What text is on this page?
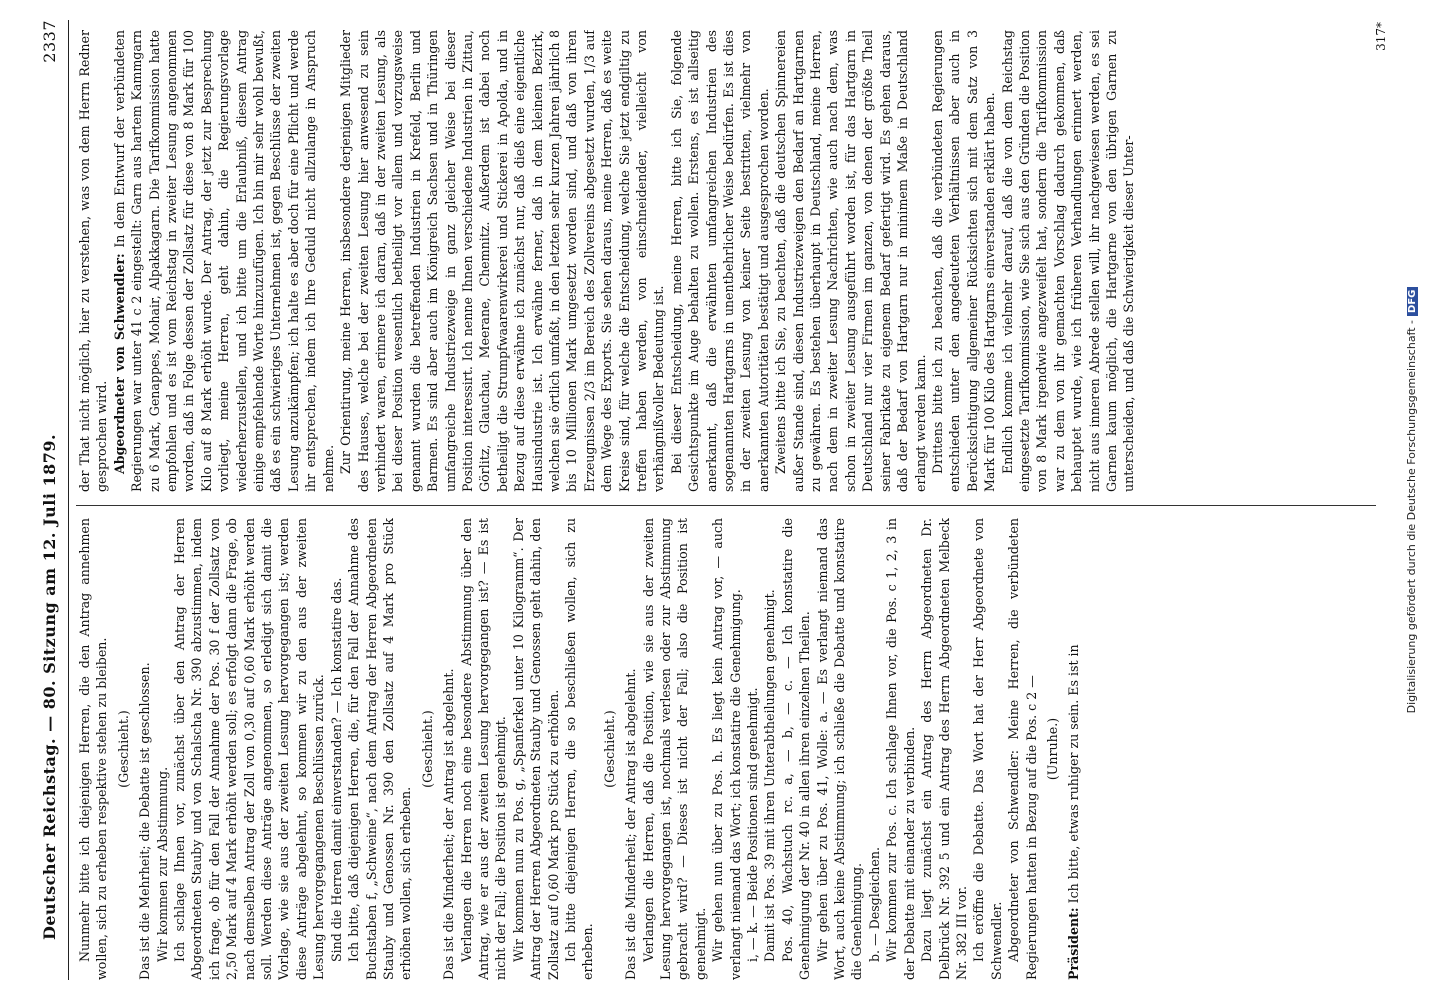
Deutscher Reichstag. — 80. Sitzung am 12. Juli 1879.
2337

Nunmehr bitte ich diejenigen Herren, die den Antrag annehmen wollen, sich zu erheben respektive stehen zu bleiben. (Geschieht.) Das ist die Mehrheit; die Debatte ist geschlossen. Wir kommen zur Abstimmung. Ich schlage Ihnen vor, zunächst über den Antrag der Herren Abgeordneten Stauby und von Schalscha Nr. 390 abzustimmen, indem ich frage, ob für den Fall der Annahme der Pos. 30 f der Zollsatz von 2,50 Mark auf 4 Mark erhöht werden soll; es erfolgt dann die Frage, ob nach demselben Antrag der Zoll von 0,30 auf 0,60 Mark erhöht werden soll. Werden diese Anträge angenommen, so erledigt sich damit die Vorlage, wie sie aus der zweiten Lesung hervorgegangen ist; werden diese Anträge abgelehnt, so kommen wir zu den aus der zweiten Lesung hervorgegangenen Beschlüssen zurück. Sind die Herren damit einverstanden? — Ich konstatire das. Ich bitte, daß diejenigen Herren, die, für den Fall der Annahme des Buchstaben f, „Schweine“, nach dem Antrag der Herren Abgeordneten Stauby und Genossen Nr. 390 den Zollsatz auf 4 Mark pro Stück erhöhen wollen, sich erheben.

(Geschieht.) Das ist die Minderheit; der Antrag ist abgelehnt. Verlangen die Herren noch eine besondere Abstimmung über den Antrag, wie er aus der zweiten Lesung hervorgegangen ist? — Es ist nicht der Fall; die Position ist genehmigt. Wir kommen nun zu Pos. g, „Spanferkel unter 10 Kilogramm“. Der Antrag der Herren Abgeordneten Stauby und Genossen geht dahin, den Zollsatz auf 0,60 Mark pro Stück zu erhöhen. Ich bitte diejenigen Herren, die so beschließen wollen, sich zu erheben.

(Geschieht.) Das ist die Minderheit; der Antrag ist abgelehnt. Verlangen die Herren, daß die Position, wie sie aus der zweiten Lesung hervorgegangen ist, nochmals verlesen oder zur Abstimmung gebracht wird? — Dieses ist nicht der Fall; also die Position ist genehmigt. Wir gehen nun über zu Pos. h. Es liegt kein Antrag vor, — auch verlangt niemand das Wort; ich konstatire die Genehmigung. i, — k. — Beide Positionen sind genehmigt. Damit ist Pos. 39 mit ihren Unterabtheilungen genehmigt. Pos. 40, Wachstuch rc. a, — b, — c. — Ich konstatire die Genehmigung der Nr. 40 in allen ihren einzelnen Theilen. Wir gehen über zu Pos. 41, Wolle: a. — Es verlangt niemand das Wort, auch keine Abstimmung; ich schließe die Debatte und konstatire die Genehmigung. b. — Desgleichen. Wir kommen zur Pos. c. Ich schlage Ihnen vor, die Pos. c 1, 2, 3 in der Debatte mit einander zu verbinden. Dazu liegt zunächst ein Antrag des Herrn Abgeordneten Dr. Delbrück Nr. 392 5 und ein Antrag des Herrn Abgeordneten Melbeck Nr. 382 III vor. Ich eröffne die Debatte. Das Wort hat der Herr Abgeordnete von Schwendler. Abgeordneter von Schwendler: Meine Herren, die verbündeten Regierungen hatten in Bezug auf die Pos. c 2 — (Unruhe.)

Präsident: Ich bitte, etwas ruhiger zu sein. Es ist in

der That nicht möglich, hier zu verstehen, was von dem Herrn Redner gesprochen wird. Abgeordneter von Schwendler: In dem Entwurf der verbündeten Regierungen war unter 41 c 2 eingestellt: Garn aus hartem Kammgarn zu 6 Mark, Genappes, Mohair, Alpakkagarn. Die Tarifkommission hatte empfohlen und es ist vom Reichstag in zweiter Lesung angenommen worden, daß in Folge dessen der Zollsatz für diese von 8 Mark für 100 Kilo auf 8 Mark erhöht wurde. Der Antrag, der jetzt zur Besprechung vorliegt, meine Herren, geht dahin, die Regierungsvorlage wiederherzustellen, und ich bitte um die Erlaubniß, diesem Antrag einige empfehlende Worte hinzuzufügen. Ich bin mir sehr wohl bewußt, daß es ein schwieriges Unternehmen ist, gegen Beschlüsse der zweiten Lesung anzukämpfen; ich halte es aber doch für eine Pflicht und werde ihr entsprechen, indem ich Ihre Geduld nicht allzulange in Anspruch nehme. Zur Orientirung, meine Herren, insbesondere derjenigen Mitglieder des Hauses, welche bei der zweiten Lesung hier anwesend zu sein verhindert waren, erinnere ich daran, daß in der zweiten Lesung, als bei dieser Position wesentlich betheiligt vor allem und vorzugsweise genannt wurden die betreffenden Industrien in Krefeld, Berlin und Barmen. Es sind aber auch im Königreich Sachsen und in Thüringen umfangreiche Industriezweige in ganz gleicher Weise bei dieser Position interessirt. Ich nenne Ihnen verschiedene Industrien in Zittau, Görlitz, Glauchau, Meerane, Chemnitz. Außerdem ist dabei noch betheiligt die Strumpfwaarenwirkerei und Stickerei in Apolda, und in Bezug auf diese erwähne ich zunächst nur, daß dieß eine eigentliche Hausindustrie ist. Ich erwähne ferner, daß in dem kleinen Bezirk, welchen sie örtlich umfaßt, in den letzten sehr kurzen Jahren jährlich 8 bis 10 Millionen Mark umgesetzt worden sind, und daß von ihren Erzeugnissen 2/3 im Bereich des Zollvereins abgesetzt wurden, 1/3 auf dem Wege des Exports. Sie sehen daraus, meine Herren, daß es weite Kreise sind, für welche die Entscheidung, welche Sie jetzt endgiltig zu treffen haben werden, von einschneidender, vielleicht von verhängnißvoller Bedeutung ist. Bei dieser Entscheidung, meine Herren, bitte ich Sie, folgende Gesichtspunkte im Auge behalten zu wollen. Erstens, es ist allseitig anerkannt, daß die erwähnten umfangreichen Industrien des sogenannten Hartgarns in unentbehrlicher Weise bedürfen. Es ist dies in der zweiten Lesung von keiner Seite bestritten, vielmehr von anerkannten Autoritäten bestätigt und ausgesprochen worden. Zweitens bitte ich Sie, zu beachten, daß die deutschen Spinnereien außer Stande sind, diesen Industriezweigen den Bedarf an Hartgarnen zu gewähren. Es bestehen überhaupt in Deutschland, meine Herren, nach dem in zweiter Lesung Nachrichten, wie auch nach dem, was schon in zweiter Lesung ausgeführt worden ist, für das Hartgarn in Deutschland nur vier Firmen im ganzen, von denen der größte Theil seiner Fabrikate zu eigenem Bedarf gefertigt wird. Es gehen daraus, daß der Bedarf von Hartgarn nur in minimem Maße in Deutschland erlangt werden kann. Drittens bitte ich zu beachten, daß die verbündeten Regierungen entschieden unter den angedeuteten Verhältnissen aber auch in Berücksichtigung allgemeiner Rücksichten sich mit dem Satz von 3 Mark für 100 Kilo des Hartgarns einverstanden erklärt haben. Endlich komme ich vielmehr darauf, daß die von dem Reichstag eingesetzte Tarifkommission, wie Sie sich aus den Gründen die Position von 8 Mark irgendwie angezweifelt hat, sondern die Tarifkommission war zu dem von ihr gemachten Vorschlag dadurch gekommen, daß behauptet wurde, wie ich früheren Verhandlungen erinnert werden, nicht aus inneren Abrede stellen will, ihr nachgewiesen werden, es sei Garnen kaum möglich, die Hartgarne von den übrigen Garnen zu unterscheiden, und daß die Schwierigkeit dieser Unter-

317*
Digitalisierung gefördert durch die Deutsche Forschungsgemeinschaft -DFG
